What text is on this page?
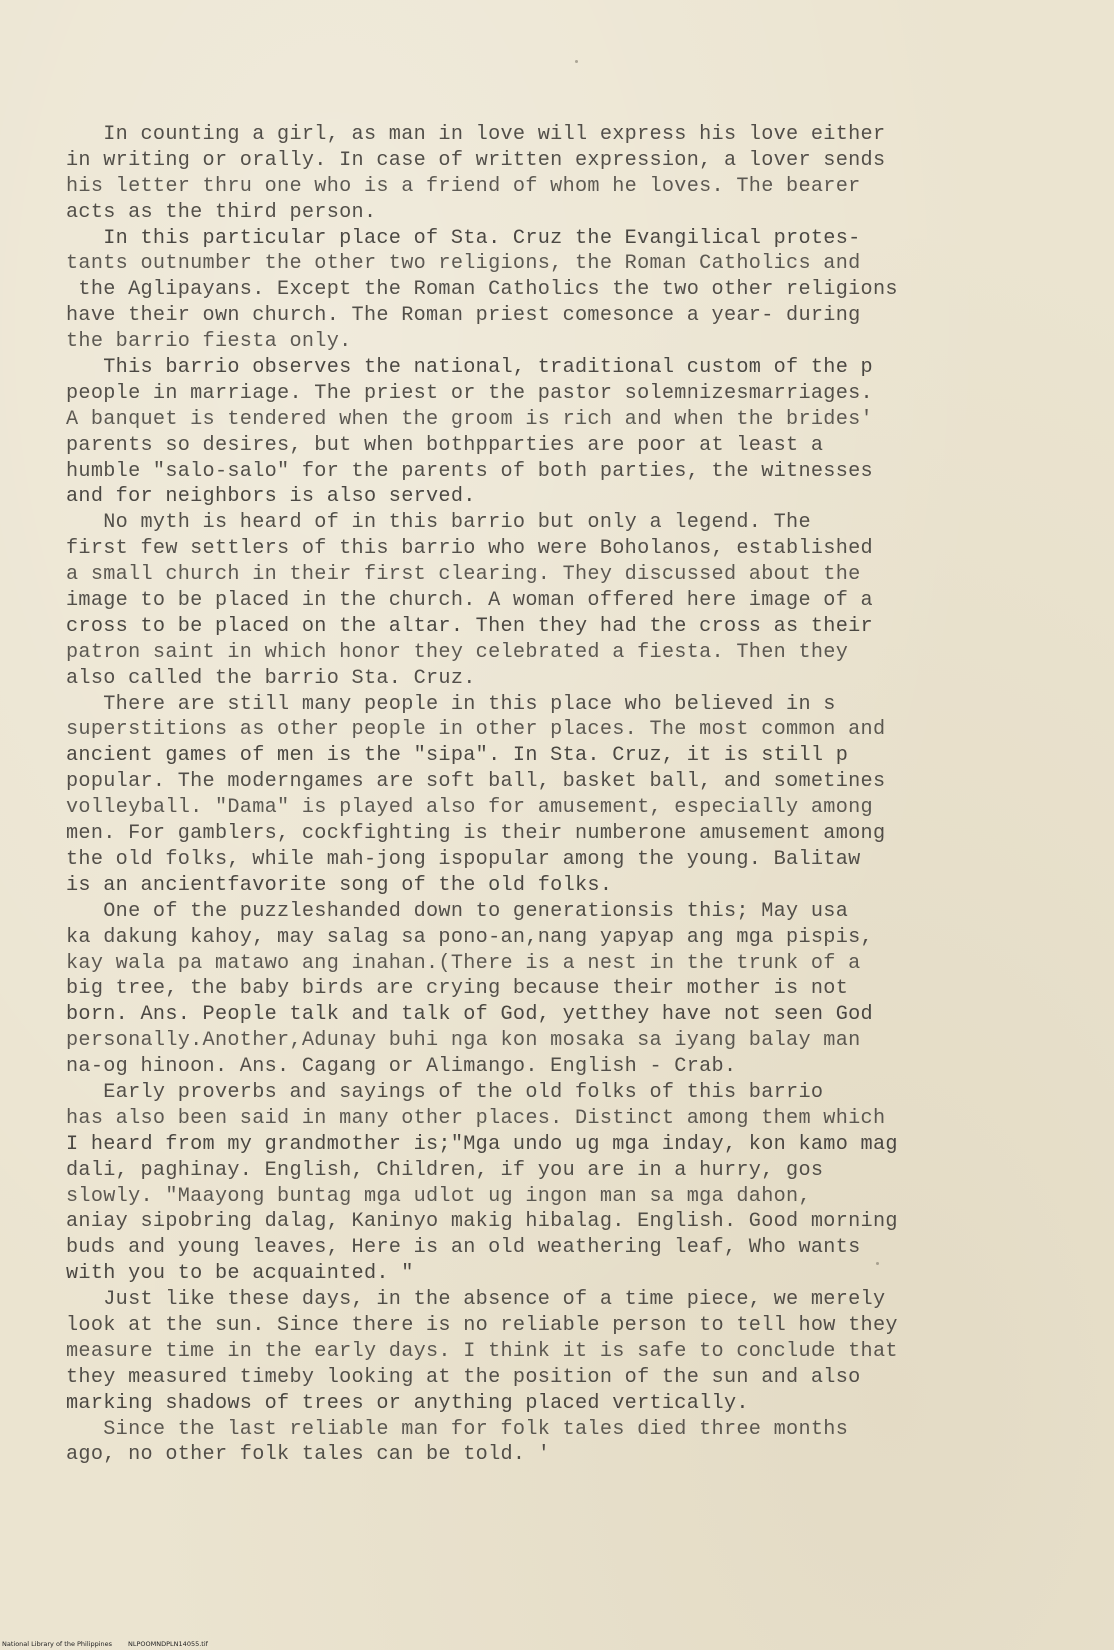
In counting a girl, as man in love will express his love either
in writing or orally. In case of written expression, a lover sends
his letter thru one who is a friend of whom he loves. The bearer
acts as the third person.
In this particular place of Sta. Cruz the Evangilical protes-
tants outnumber the other two religions, the Roman Catholics and
the Aglipayans. Except the Roman Catholics the two other religions
have their own church. The Roman priest comesonce a year- during
the barrio fiesta only.
This barrio observes the national, traditional custom of the p
people in marriage. The priest or the pastor solemnizesmarriages.
A banquet is tendered when the groom is rich and when the brides'
parents so desires, but when bothpparties are poor at least a
humble "salo-salo" for the parents of both parties, the witnesses
and for neighbors is also served.
No myth is heard of in this barrio but only a legend. The
first few settlers of this barrio who were Boholanos, established
a small church in their first clearing. They discussed about the
image to be placed in the church. A woman offered here image of a
cross to be placed on the altar. Then they had the cross as their
patron saint in which honor they celebrated a fiesta. Then they
also called the barrio Sta. Cruz.
There are still many people in this place who believed in s
superstitions as other people in other places. The most common and
ancient games of men is the "sipa". In Sta. Cruz, it is still p
popular. The moderngames are soft ball, basket ball, and sometines
volleyball. "Dama" is played also for amusement, especially among
men. For gamblers, cockfighting is their numberone amusement among
the old folks, while mah-jong ispopular among the young. Balitaw
is an ancientfavorite song of the old folks.
One of the puzzleshanded down to generationsis this; May usa
ka dakung kahoy, may salag sa pono-an,nang yapyap ang mga pispis,
kay wala pa matawo ang inahan.(There is a nest in the trunk of a
big tree, the baby birds are crying because their mother is not
born. Ans. People talk and talk of God, yetthey have not seen God
personally.Another,Adunay buhi nga kon mosaka sa iyang balay man
na-og hinoon. Ans. Cagang or Alimango. English - Crab.
Early proverbs and sayings of the old folks of this barrio
has also been said in many other places. Distinct among them which
I heard from my grandmother is;"Mga undo ug mga inday, kon kamo mag
dali, paghinay. English, Children, if you are in a hurry, gos
slowly. "Maayong buntag mga udlot ug ingon man sa mga dahon,
aniay sipobring dalag, Kaninyo makig hibalag. English. Good morning
buds and young leaves, Here is an old weathering leaf, Who wants
with you to be acquainted. "
Just like these days, in the absence of a time piece, we merely
look at the sun. Since there is no reliable person to tell how they
measure time in the early days. I think it is safe to conclude that
they measured timeby looking at the position of the sun and also
marking shadows of trees or anything placed vertically.
Since the last reliable man for folk tales died three months
ago, no other folk tales can be told. '
National Library of the Philippines NLPOOMNDPLN14055.tif
